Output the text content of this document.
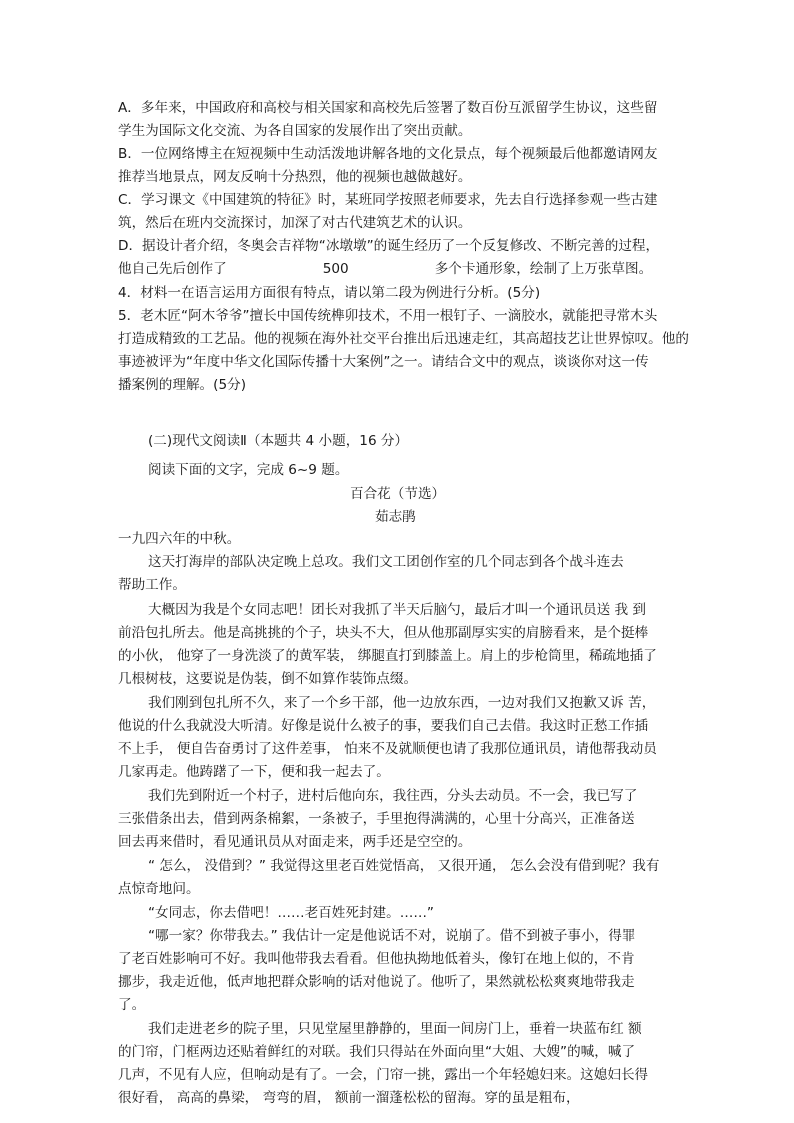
A．多年来，中国政府和高校与相关国家和高校先后签署了数百份互派留学生协议，这些留
学生为国际文化交流、为各自国家的发展作出了突出贡献。
B．一位网络博主在短视频中生动活泼地讲解各地的文化景点，每个视频最后他都邀请网友
推荐当地景点，网友反响十分热烈，他的视频也越做越好。
C．学习课文《中国建筑的特征》时，某班同学按照老师要求，先去自行选择参观一些古建
筑，然后在班内交流探讨，加深了对古代建筑艺术的认识。
D．据设计者介绍，冬奥会吉祥物“冰墩墩”的诞生经历了一个反复修改、不断完善的过程，
他自己先后创作了	500	多个卡通形象，绘制了上万张草图。
4．材料一在语言运用方面很有特点，请以第二段为例进行分析。(5分)
5．老木匠“阿木爷爷”擅长中国传统榫卯技术，不用一根钉子、一滴胶水，就能把寻常木头
打造成精致的工艺品。他的视频在海外社交平台推出后迅速走红，其高超技艺让世界惊叹。他的
事迹被评为“年度中华文化国际传播十大案例”之一。请结合文中的观点，谈谈你对这一传
播案例的理解。(5分)
(二)现代文阅读Ⅱ（本题共 4 小题，16 分）
阅读下面的文字，完成 6~9 题。
百合花（节选）
茹志鹃
一九四六年的中秋。
这天打海岸的部队决定晚上总攻。我们文工团创作室的几个同志到各个战斗连去
帮助工作。
大概因为我是个女同志吧！团长对我抓了半天后脑勺，最后才叫一个通讯员送 我 到
前沿包扎所去。他是高挑挑的个子，块头不大，但从他那副厚实实的肩膀看来，是个挺棒
的小伙， 他穿了一身洗淡了的黄军装， 绑腿直打到膝盖上。肩上的步枪筒里，稀疏地插了
几根树枝，这要说是伪装，倒不如算作装饰点缀。
我们刚到包扎所不久，来了一个乡干部，他一边放东西，一边对我们又抱歉又诉 苦，
他说的什么我就没大听清。好像是说什么被子的事，要我们自己去借。我这时正愁工作插
不上手， 便自告奋勇讨了这件差事， 怕来不及就顺便也请了我那位通讯员，请他帮我动员
几家再走。他踌躇了一下，便和我一起去了。
我们先到附近一个村子，进村后他向东，我往西，分头去动员。不一会，我已写了
三张借条出去，借到两条棉絮，一条被子，手里抱得满满的，心里十分高兴，正准备送
回去再来借时，看见通讯员从对面走来，两手还是空空的。
“ 怎么， 没借到？” 我觉得这里老百姓觉悟高， 又很开通， 怎么会没有借到呢？我有
点惊奇地问。
“女同志，你去借吧！……老百姓死封建。……”
“哪一家？你带我去。” 我估计一定是他说话不对，说崩了。借不到被子事小，得罪
了老百姓影响可不好。我叫他带我去看看。但他执拗地低着头，像钉在地上似的，不肯
挪步，我走近他，低声地把群众影响的话对他说了。他听了，果然就松松爽爽地带我走
了。
我们走进老乡的院子里，只见堂屋里静静的，里面一间房门上，垂着一块蓝布红 额
的门帘，门框两边还贴着鲜红的对联。我们只得站在外面向里“大姐、大嫂”的喊，喊了
几声，不见有人应，但响动是有了。一会，门帘一挑，露出一个年轻媳妇来。这媳妇长得
很好看， 高高的鼻梁， 弯弯的眉， 额前一溜蓬松松的留海。穿的虽是粗布，
